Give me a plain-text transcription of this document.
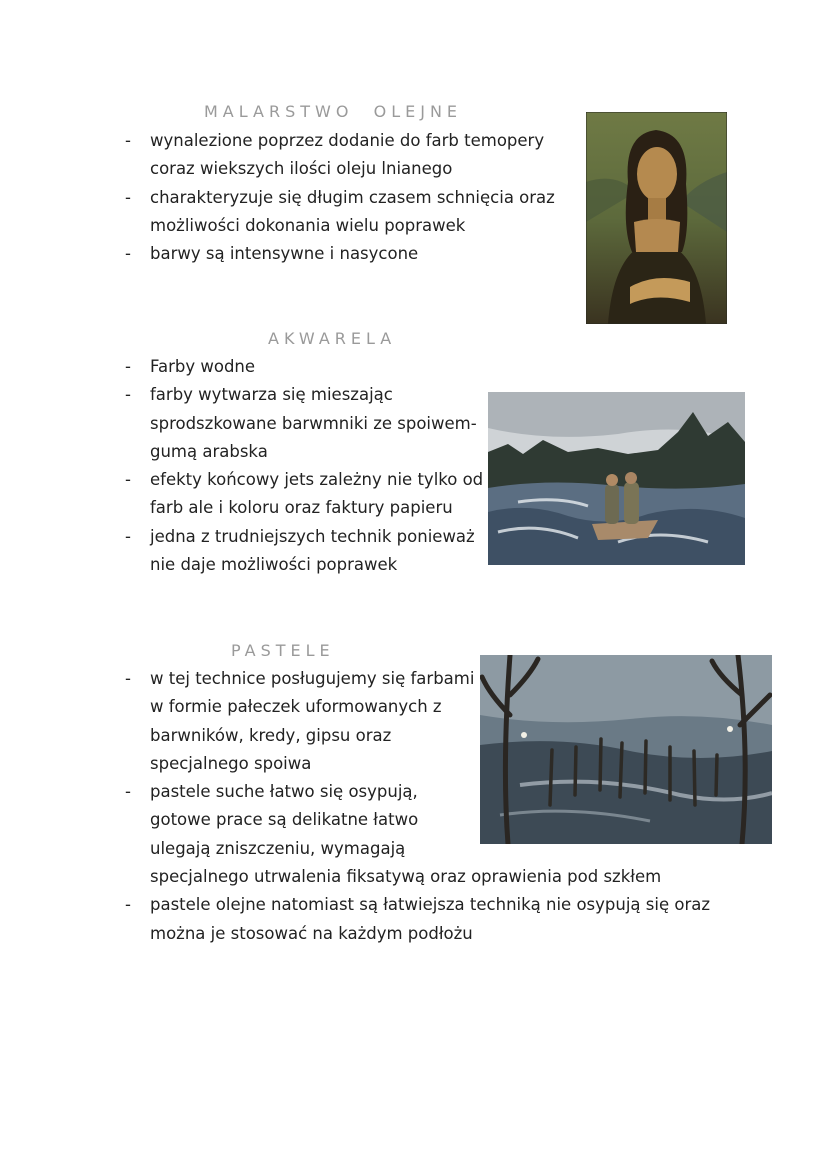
MALARSTWO  OLEJNE
- wynalezione poprzez dodanie do farb temopery
coraz wiekszych ilości oleju lnianego
- charakteryzuje się długim czasem schnięcia oraz
możliwości dokonania wielu poprawek
- barwy są intensywne i nasycone
AKWARELA
- Farby wodne
- farby wytwarza się mieszając
sprodszkowane barwmniki ze spoiwem-
gumą arabska
- efekty końcowy jets zależny nie tylko od
farb ale i koloru oraz faktury papieru
- jedna z trudniejszych technik ponieważ
nie daje możliwości poprawek
PASTELE
- w tej technice posługujemy się farbami
w formie pałeczek uformowanych z
barwników, kredy, gipsu oraz
specjalnego spoiwa
- pastele suche łatwo się osypują,
gotowe prace są delikatne łatwo
ulegają zniszczeniu, wymagają
specjalnego utrwalenia fiksatywą oraz oprawienia pod szkłem
- pastele olejne natomiast są łatwiejsza techniką nie osypują się oraz
można je stosować na każdym podłożu
